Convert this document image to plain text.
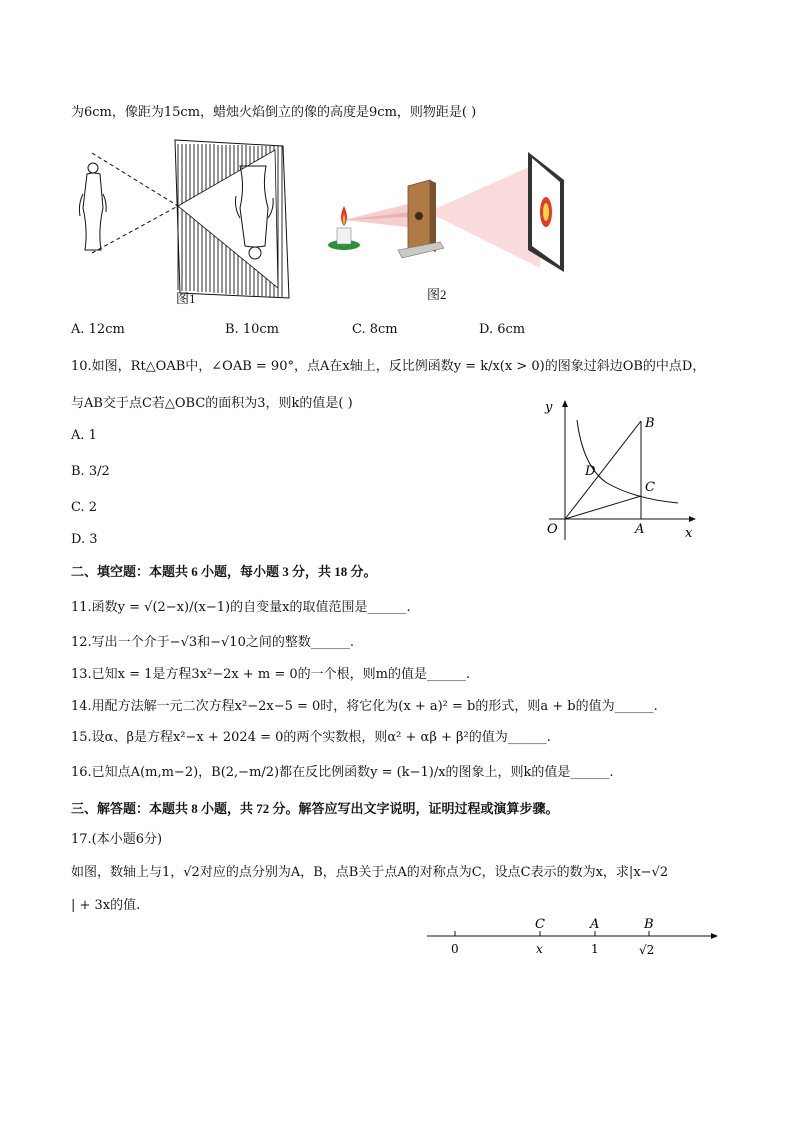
为6cm，像距为15cm，蜡烛火焰倒立的像的高度是9cm，则物距是( )
图1	图2
A. 12cm	B. 10cm	C. 8cm	D. 6cm
10.如图，Rt△OAB中，∠OAB = 90°，点A在x轴上，反比例函数y = k/x(x > 0)的图象过斜边OB的中点D，
与AB交于点C若△OBC的面积为3，则k的值是( )
A. 1
B. 3/2
C. 2
D. 3
y
B
D
C
O	A	x
二、填空题：本题共 6 小题，每小题 3 分，共 18 分。
11.函数y = √(2−x)/(x−1)的自变量x的取值范围是______.
12.写出一个介于−√3和−√10之间的整数______.
13.已知x = 1是方程3x²−2x + m = 0的一个根，则m的值是______.
14.用配方法解一元二次方程x²−2x−5 = 0时，将它化为(x + a)² = b的形式，则a + b的值为______.
15.设α、β是方程x²−x + 2024 = 0的两个实数根，则α² + αβ + β²的值为______.
16.已知点A(m,m−2)，B(2,−m/2)都在反比例函数y = (k−1)/x的图象上，则k的值是______.
三、解答题：本题共 8 小题，共 72 分。解答应写出文字说明，证明过程或演算步骤。
17.(本小题6分)
如图，数轴上与1，√2对应的点分别为A，B，点B关于点A的对称点为C，设点C表示的数为x，求|x−√2
| + 3x的值.
C	A	B
0	x	1	√2
